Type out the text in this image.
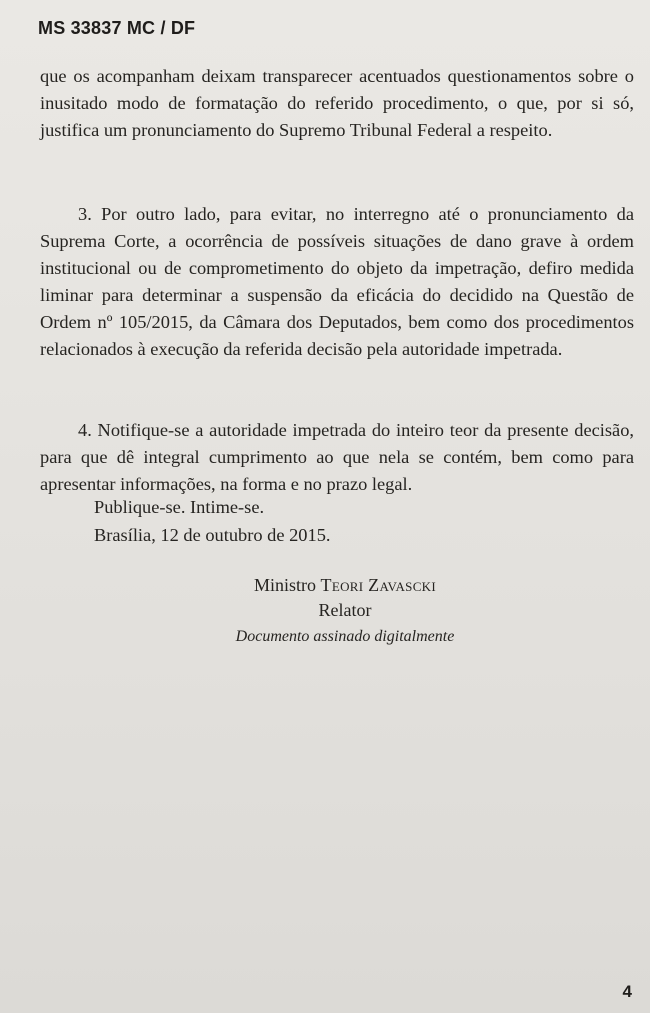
MS 33837 MC / DF
que os acompanham deixam transparecer acentuados questionamentos sobre o inusitado modo de formatação do referido procedimento, o que, por si só, justifica um pronunciamento do Supremo Tribunal Federal a respeito.
3. Por outro lado, para evitar, no interregno até o pronunciamento da Suprema Corte, a ocorrência de possíveis situações de dano grave à ordem institucional ou de comprometimento do objeto da impetração, defiro medida liminar para determinar a suspensão da eficácia do decidido na Questão de Ordem nº 105/2015, da Câmara dos Deputados, bem como dos procedimentos relacionados à execução da referida decisão pela autoridade impetrada.
4. Notifique-se a autoridade impetrada do inteiro teor da presente decisão, para que dê integral cumprimento ao que nela se contém, bem como para apresentar informações, na forma e no prazo legal.
Publique-se. Intime-se.
Brasília, 12 de outubro de 2015.
Ministro Teori Zavascki
Relator
Documento assinado digitalmente
4
